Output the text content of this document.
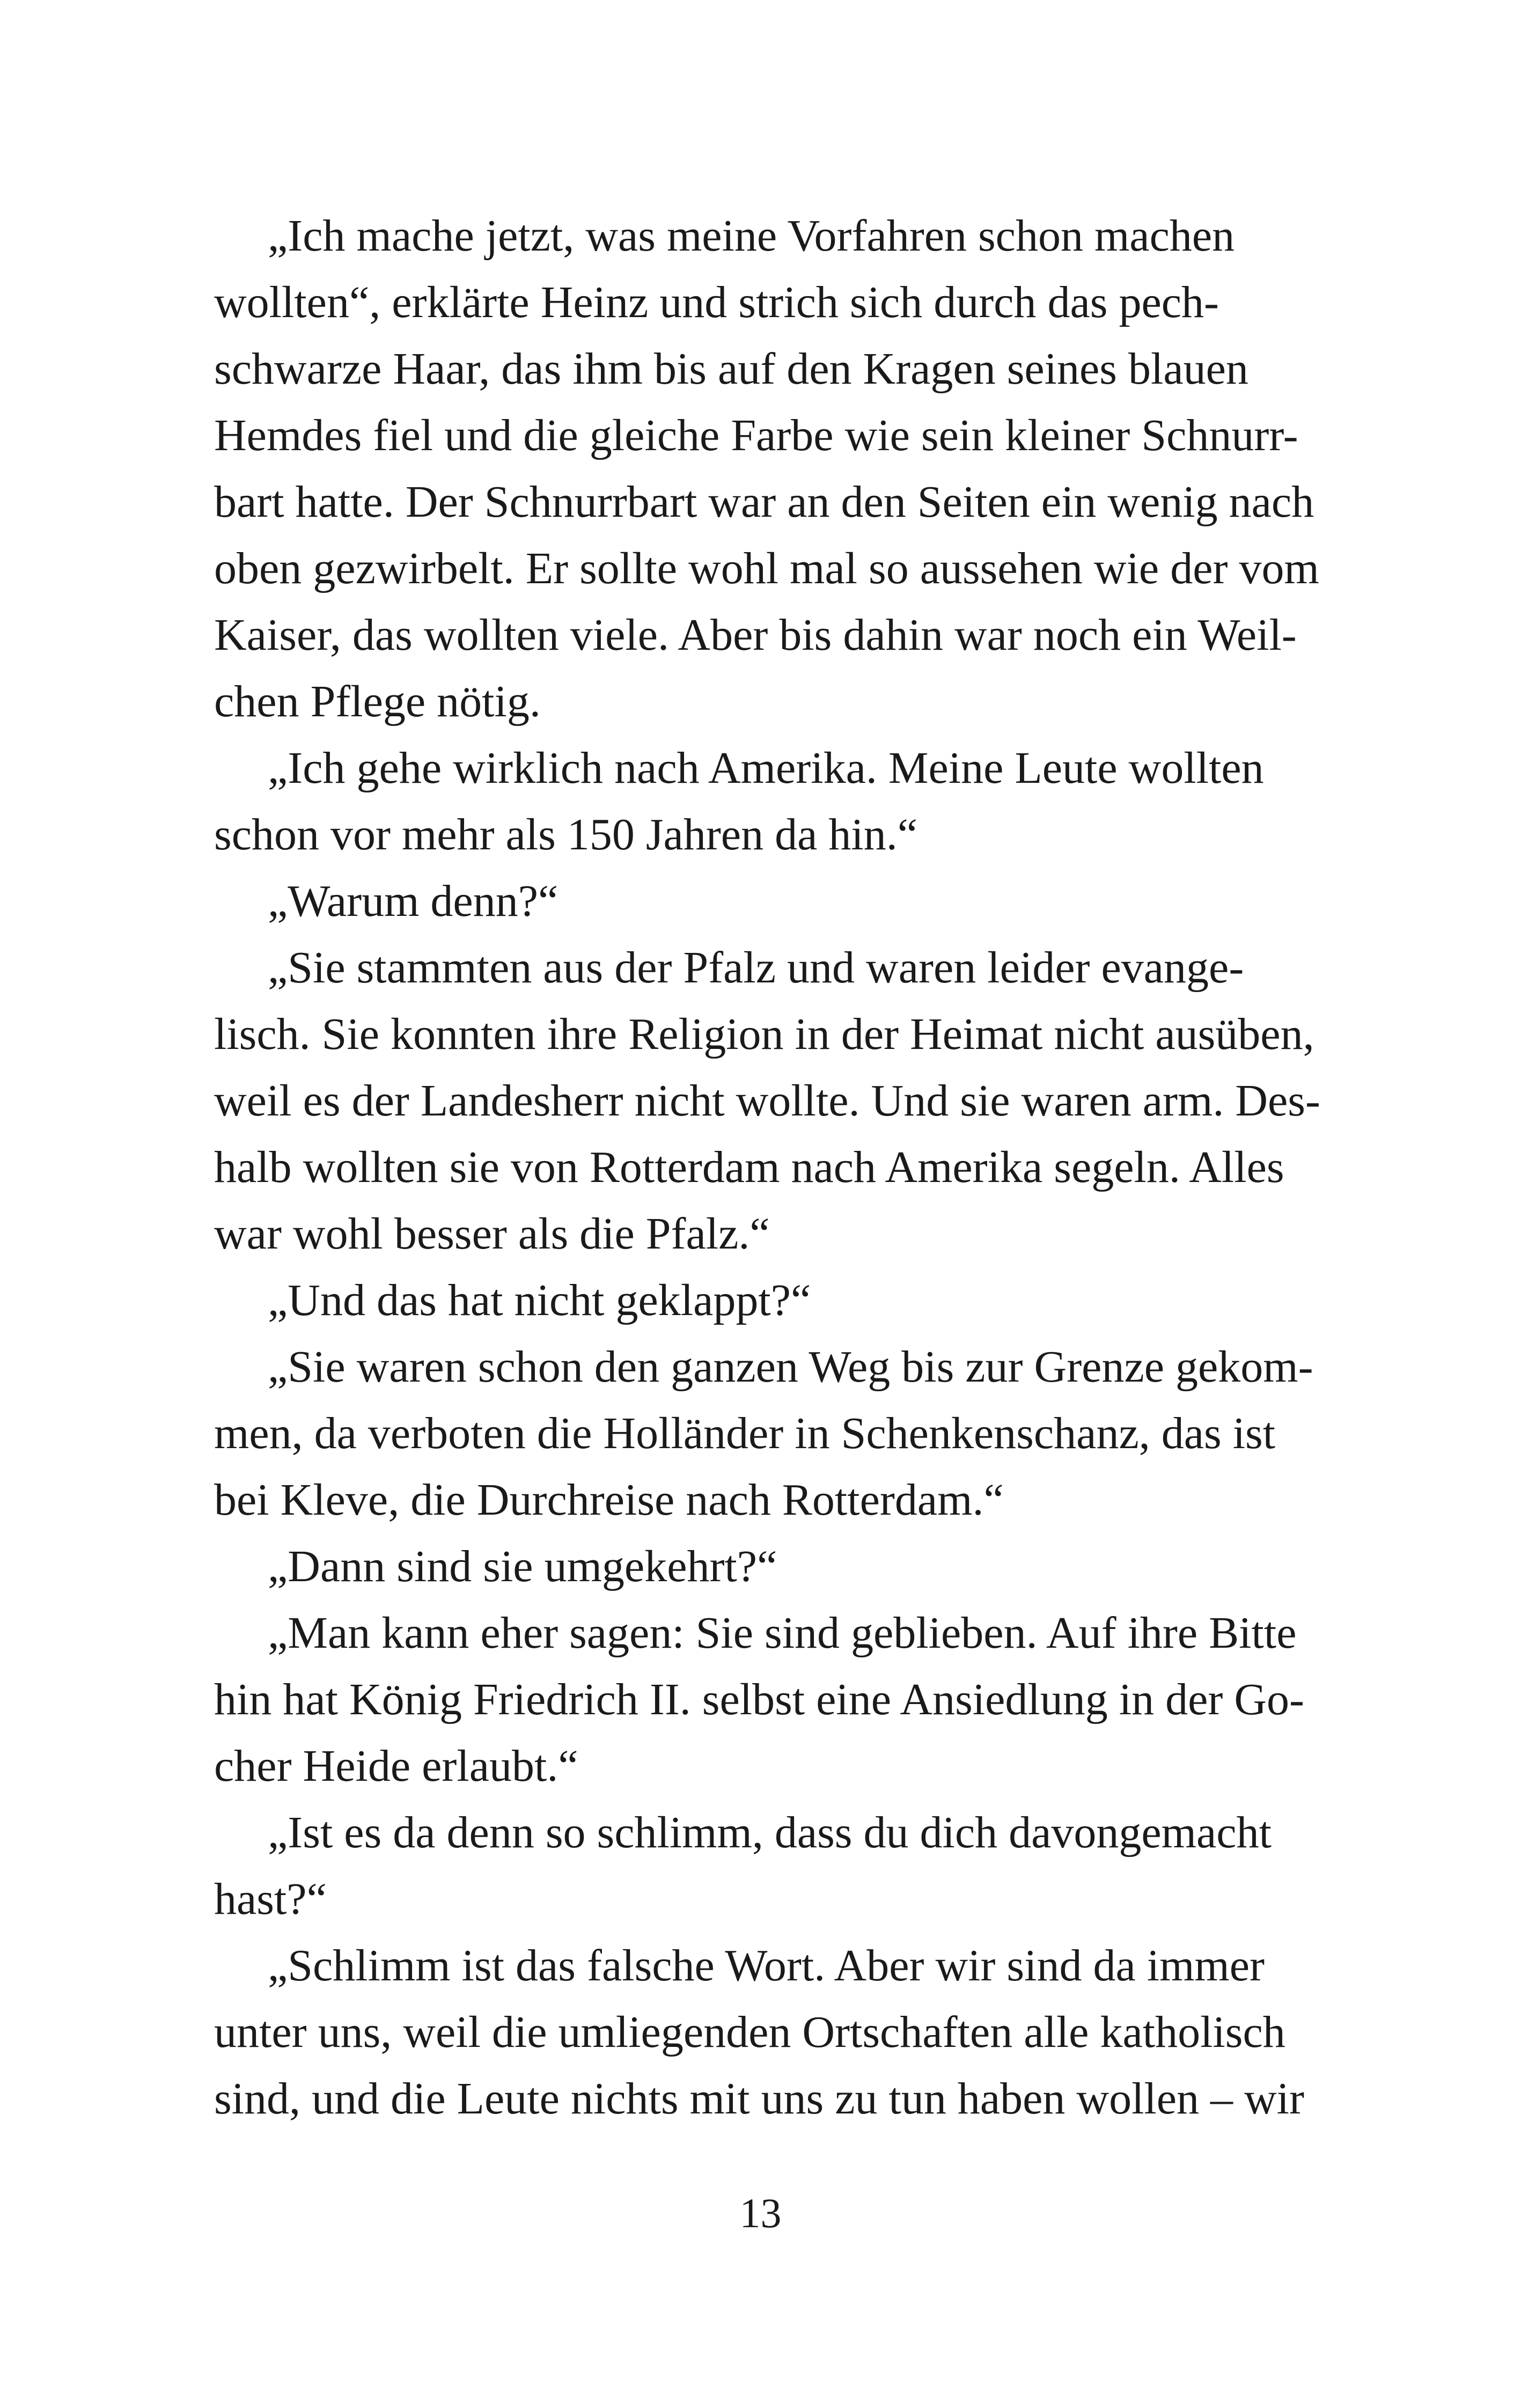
„Ich mache jetzt, was meine Vorfahren schon machen
wollten“, erklärte Heinz und strich sich durch das pech-
schwarze Haar, das ihm bis auf den Kragen seines blauen
Hemdes fiel und die gleiche Farbe wie sein kleiner Schnurr-
bart hatte. Der Schnurrbart war an den Seiten ein wenig nach
oben gezwirbelt. Er sollte wohl mal so aussehen wie der vom
Kaiser, das wollten viele. Aber bis dahin war noch ein Weil-
chen Pflege nötig.
„Ich gehe wirklich nach Amerika. Meine Leute wollten
schon vor mehr als 150 Jahren da hin.“
„Warum denn?“
„Sie stammten aus der Pfalz und waren leider evange-
lisch. Sie konnten ihre Religion in der Heimat nicht ausüben,
weil es der Landesherr nicht wollte. Und sie waren arm. Des-
halb wollten sie von Rotterdam nach Amerika segeln. Alles
war wohl besser als die Pfalz.“
„Und das hat nicht geklappt?“
„Sie waren schon den ganzen Weg bis zur Grenze gekom-
men, da verboten die Holländer in Schenkenschanz, das ist
bei Kleve, die Durchreise nach Rotterdam.“
„Dann sind sie umgekehrt?“
„Man kann eher sagen: Sie sind geblieben. Auf ihre Bitte
hin hat König Friedrich II. selbst eine Ansiedlung in der Go-
cher Heide erlaubt.“
„Ist es da denn so schlimm, dass du dich davongemacht
hast?“
„Schlimm ist das falsche Wort. Aber wir sind da immer
unter uns, weil die umliegenden Ortschaften alle katholisch
sind, und die Leute nichts mit uns zu tun haben wollen – wir
13
